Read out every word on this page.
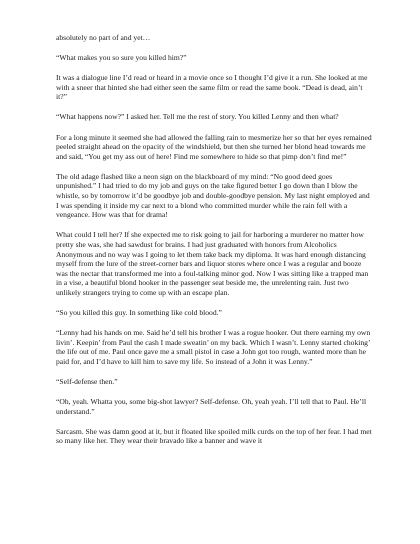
absolutely no part of and yet…

“What makes you so sure you killed him?”

It was a dialogue line I’d read or heard in a movie once so I thought I’d give it a run. She looked at me with a sneer that hinted she had either seen the same film or read the same book. “Dead is dead, ain’t it?”

“What happens now?” I asked her. Tell me the rest of story. You killed Lenny and then what?

For a long minute it seemed she had allowed the falling rain to mesmerize her so that her eyes remained peeled straight ahead on the opacity of the windshield, but then she turned her blond head towards me and said, “You get my ass out of here! Find me somewhere to hide so that pimp don’t find me!”

The old adage flashed like a neon sign on the blackboard of my mind: “No good deed goes unpunished.” I had tried to do my job and guys on the take figured better I go down than I blow the whistle, so by tomorrow it’d be goodbye job and double-goodbye pension. My last night employed and I was spending it inside my car next to a blond who committed murder while the rain fell with a vengeance. How was that for drama!

What could I tell her? If she expected me to risk going to jail for harboring a murderer no matter how pretty she was, she had sawdust for brains. I had just graduated with honors from Alcoholics Anonymous and no way was I going to let them take back my diploma. It was hard enough distancing myself from the lure of the street-corner bars and liquor stores where once I was a regular and booze was the nectar that transformed me into a foul-talking minor god. Now I was sitting like a trapped man in a vise, a beautiful blond hooker in the passenger seat beside me, the unrelenting rain. Just two unlikely strangers trying to come up with an escape plan.

“So you killed this guy. In something like cold blood.”

“Lenny had his hands on me. Said he’d tell his brother I was a rogue hooker. Out there earning my own livin’. Keepin’ from Paul the cash I made sweatin’ on my back. Which I wasn’t. Lenny started choking’ the life out of me. Paul once gave me a small pistol in case a John got too rough, wanted more than he paid for, and I’d have to kill him to save my life. So instead of a John it was Lenny.”

“Self-defense then.”

“Oh, yeah. Whatta you, some big-shot lawyer? Self-defense. Oh, yeah yeah. I’ll tell that to Paul. He’ll understand.”

Sarcasm. She was damn good at it, but it floated like spoiled milk curds on the top of her fear. I had met so many like her. They wear their bravado like a banner and wave it
